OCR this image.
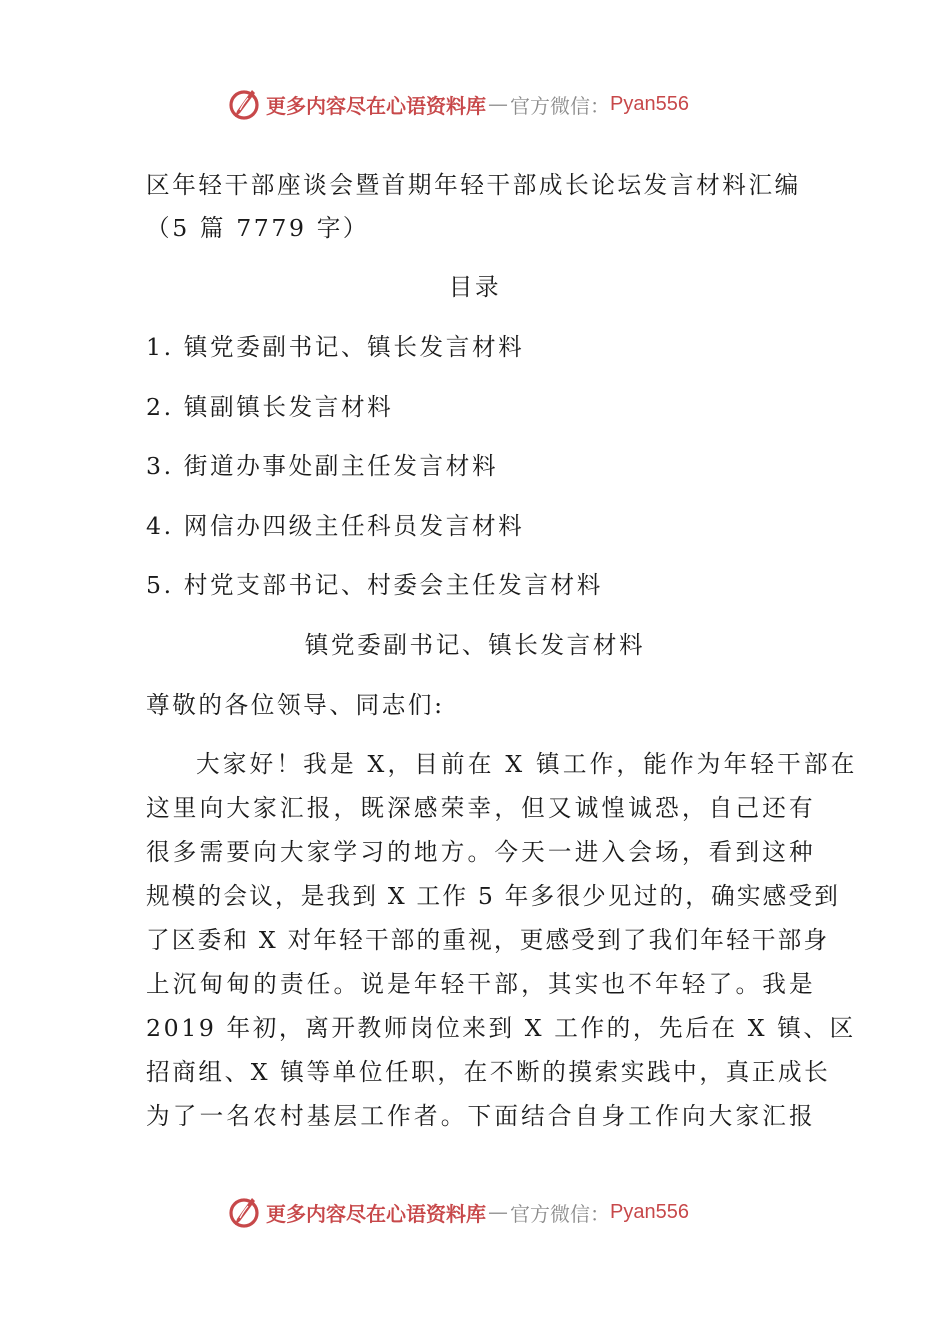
更多内容尽在心语资料库 — 官方微信： Pyan556
区年轻干部座谈会暨首期年轻干部成长论坛发言材料汇编
（5 篇 7779 字）
目录
1. 镇党委副书记、镇长发言材料
2. 镇副镇长发言材料
3. 街道办事处副主任发言材料
4. 网信办四级主任科员发言材料
5. 村党支部书记、村委会主任发言材料
镇党委副书记、镇长发言材料
尊敬的各位领导、同志们:
大家好！我是 X，目前在 X 镇工作，能作为年轻干部在
这里向大家汇报，既深感荣幸，但又诚惶诚恐，自己还有
很多需要向大家学习的地方。今天一进入会场，看到这种
规模的会议，是我到 X 工作 5 年多很少见过的，确实感受到
了区委和 X 对年轻干部的重视，更感受到了我们年轻干部身
上沉甸甸的责任。说是年轻干部，其实也不年轻了。我是
2019 年初，离开教师岗位来到 X 工作的，先后在 X 镇、区
招商组、X 镇等单位任职，在不断的摸索实践中，真正成长
为了一名农村基层工作者。下面结合自身工作向大家汇报
更多内容尽在心语资料库 — 官方微信： Pyan556
